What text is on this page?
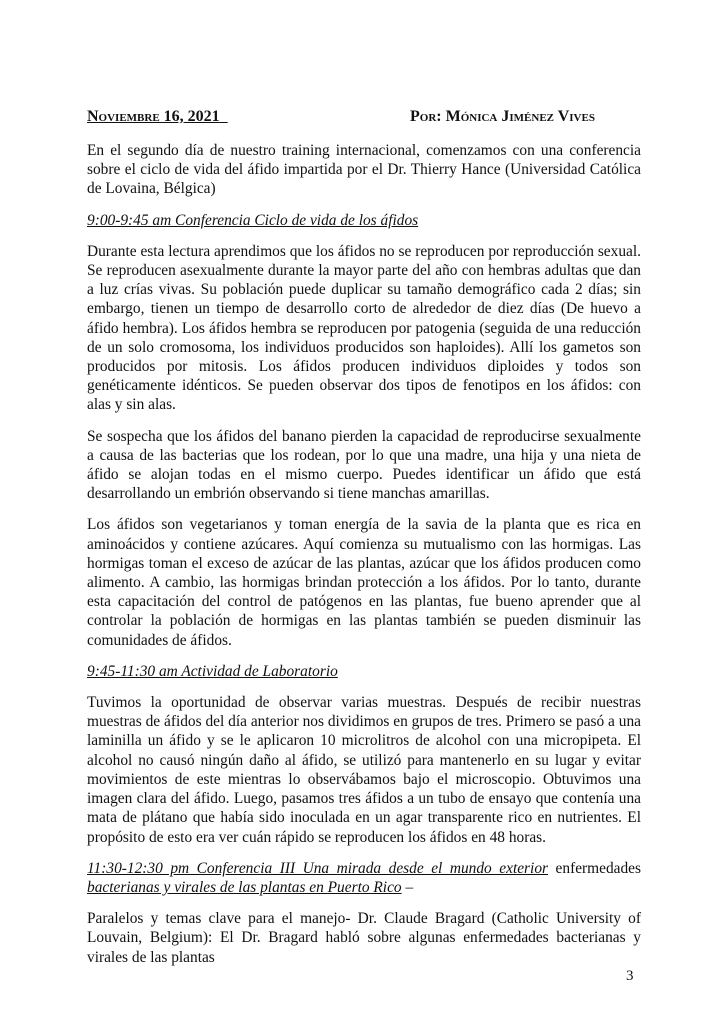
Noviembre 16, 2021	Por: Mónica Jiménez Vives

En el segundo día de nuestro training internacional, comenzamos con una conferencia sobre el ciclo de vida del áfido impartida por el Dr. Thierry Hance (Universidad Católica de Lovaina, Bélgica)

9:00-9:45 am Conferencia Ciclo de vida de los áfidos

Durante esta lectura aprendimos que los áfidos no se reproducen por reproducción sexual. Se reproducen asexualmente durante la mayor parte del año con hembras adultas que dan a luz crías vivas. Su población puede duplicar su tamaño demográfico cada 2 días; sin embargo, tienen un tiempo de desarrollo corto de alrededor de diez días (De huevo a áfido hembra). Los áfidos hembra se reproducen por patogenia (seguida de una reducción de un solo cromosoma, los individuos producidos son haploides). Allí los gametos son producidos por mitosis. Los áfidos producen individuos diploides y todos son genéticamente idénticos. Se pueden observar dos tipos de fenotipos en los áfidos: con alas y sin alas.

Se sospecha que los áfidos del banano pierden la capacidad de reproducirse sexualmente a causa de las bacterias que los rodean, por lo que una madre, una hija y una nieta de áfido se alojan todas en el mismo cuerpo. Puedes identificar un áfido que está desarrollando un embrión observando si tiene manchas amarillas.

Los áfidos son vegetarianos y toman energía de la savia de la planta que es rica en aminoácidos y contiene azúcares. Aquí comienza su mutualismo con las hormigas. Las hormigas toman el exceso de azúcar de las plantas, azúcar que los áfidos producen como alimento. A cambio, las hormigas brindan protección a los áfidos. Por lo tanto, durante esta capacitación del control de patógenos en las plantas, fue bueno aprender que al controlar la población de hormigas en las plantas también se pueden disminuir las comunidades de áfidos.

9:45-11:30 am Actividad de Laboratorio

Tuvimos la oportunidad de observar varias muestras. Después de recibir nuestras muestras de áfidos del día anterior nos dividimos en grupos de tres. Primero se pasó a una laminilla un áfido y se le aplicaron 10 microlitros de alcohol con una micropipeta. El alcohol no causó ningún daño al áfido, se utilizó para mantenerlo en su lugar y evitar movimientos de este mientras lo observábamos bajo el microscopio. Obtuvimos una imagen clara del áfido. Luego, pasamos tres áfidos a un tubo de ensayo que contenía una mata de plátano que había sido inoculada en un agar transparente rico en nutrientes. El propósito de esto era ver cuán rápido se reproducen los áfidos en 48 horas.

11:30-12:30 pm Conferencia III Una mirada desde el mundo exterior enfermedades bacterianas y virales de las plantas en Puerto Rico –

Paralelos y temas clave para el manejo- Dr. Claude Bragard (Catholic University of Louvain, Belgium): El Dr. Bragard habló sobre algunas enfermedades bacterianas y virales de las plantas

3
